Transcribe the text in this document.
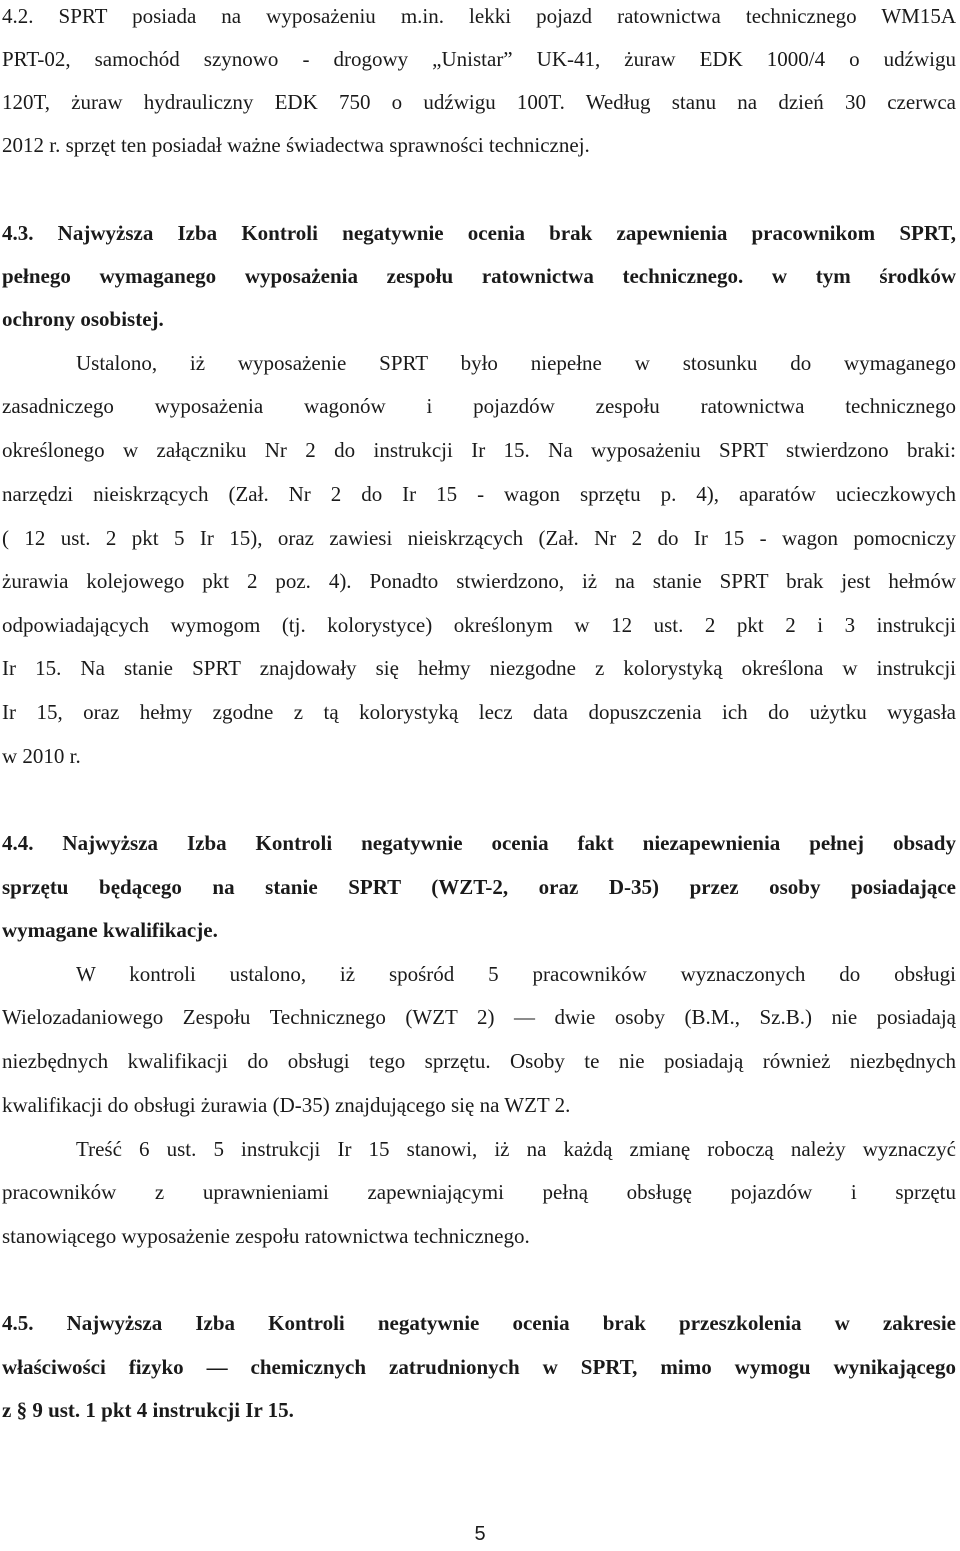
4.2. SPRT posiada na wyposażeniu m.in. lekki pojazd ratownictwa technicznego WM15A
PRT-02, samochód szynowo - drogowy „Unistar” UK-41, żuraw EDK 1000/4 o udźwigu
120T, żuraw hydrauliczny EDK 750 o udźwigu 100T. Według stanu na dzień 30 czerwca
2012 r. sprzęt ten posiadał ważne świadectwa sprawności technicznej.
4.3. Najwyższa Izba Kontroli negatywnie ocenia brak zapewnienia pracownikom SPRT,
pełnego wymaganego wyposażenia zespołu ratownictwa technicznego. w tym środków
ochrony osobistej.
Ustalono, iż wyposażenie SPRT było niepełne w stosunku do wymaganego
zasadniczego wyposażenia wagonów i pojazdów zespołu ratownictwa technicznego
określonego w załączniku Nr 2 do instrukcji Ir 15. Na wyposażeniu SPRT stwierdzono braki:
narzędzi nieiskrzących (Zał. Nr 2 do Ir 15 - wagon sprzętu p. 4), aparatów ucieczkowych
( 12 ust. 2 pkt 5 Ir 15), oraz zawiesi nieiskrzących (Zał. Nr 2 do Ir 15 - wagon pomocniczy
żurawia kolejowego pkt 2 poz. 4). Ponadto stwierdzono, iż na stanie SPRT brak jest hełmów
odpowiadających wymogom (tj. kolorystyce) określonym w 12 ust. 2 pkt 2 i 3 instrukcji
Ir 15. Na stanie SPRT znajdowały się hełmy niezgodne z kolorystyką określona w instrukcji
Ir 15, oraz hełmy zgodne z tą kolorystyką lecz data dopuszczenia ich do użytku wygasła
w 2010 r.
4.4. Najwyższa Izba Kontroli negatywnie ocenia fakt niezapewnienia pełnej obsady
sprzętu będącego na stanie SPRT (WZT-2, oraz D-35) przez osoby posiadające
wymagane kwalifikacje.
W kontroli ustalono, iż spośród 5 pracowników wyznaczonych do obsługi
Wielozadaniowego Zespołu Technicznego (WZT 2) — dwie osoby (B.M., Sz.B.) nie posiadają
niezbędnych kwalifikacji do obsługi tego sprzętu. Osoby te nie posiadają również niezbędnych
kwalifikacji do obsługi żurawia (D-35) znajdującego się na WZT 2.
Treść 6 ust. 5 instrukcji Ir 15 stanowi, iż na każdą zmianę roboczą należy wyznaczyć
pracowników z uprawnieniami zapewniającymi pełną obsługę pojazdów i sprzętu
stanowiącego wyposażenie zespołu ratownictwa technicznego.
4.5. Najwyższa Izba Kontroli negatywnie ocenia brak przeszkolenia w zakresie
właściwości fizyko — chemicznych zatrudnionych w SPRT, mimo wymogu wynikającego
z § 9 ust. 1 pkt 4 instrukcji Ir 15.
5
